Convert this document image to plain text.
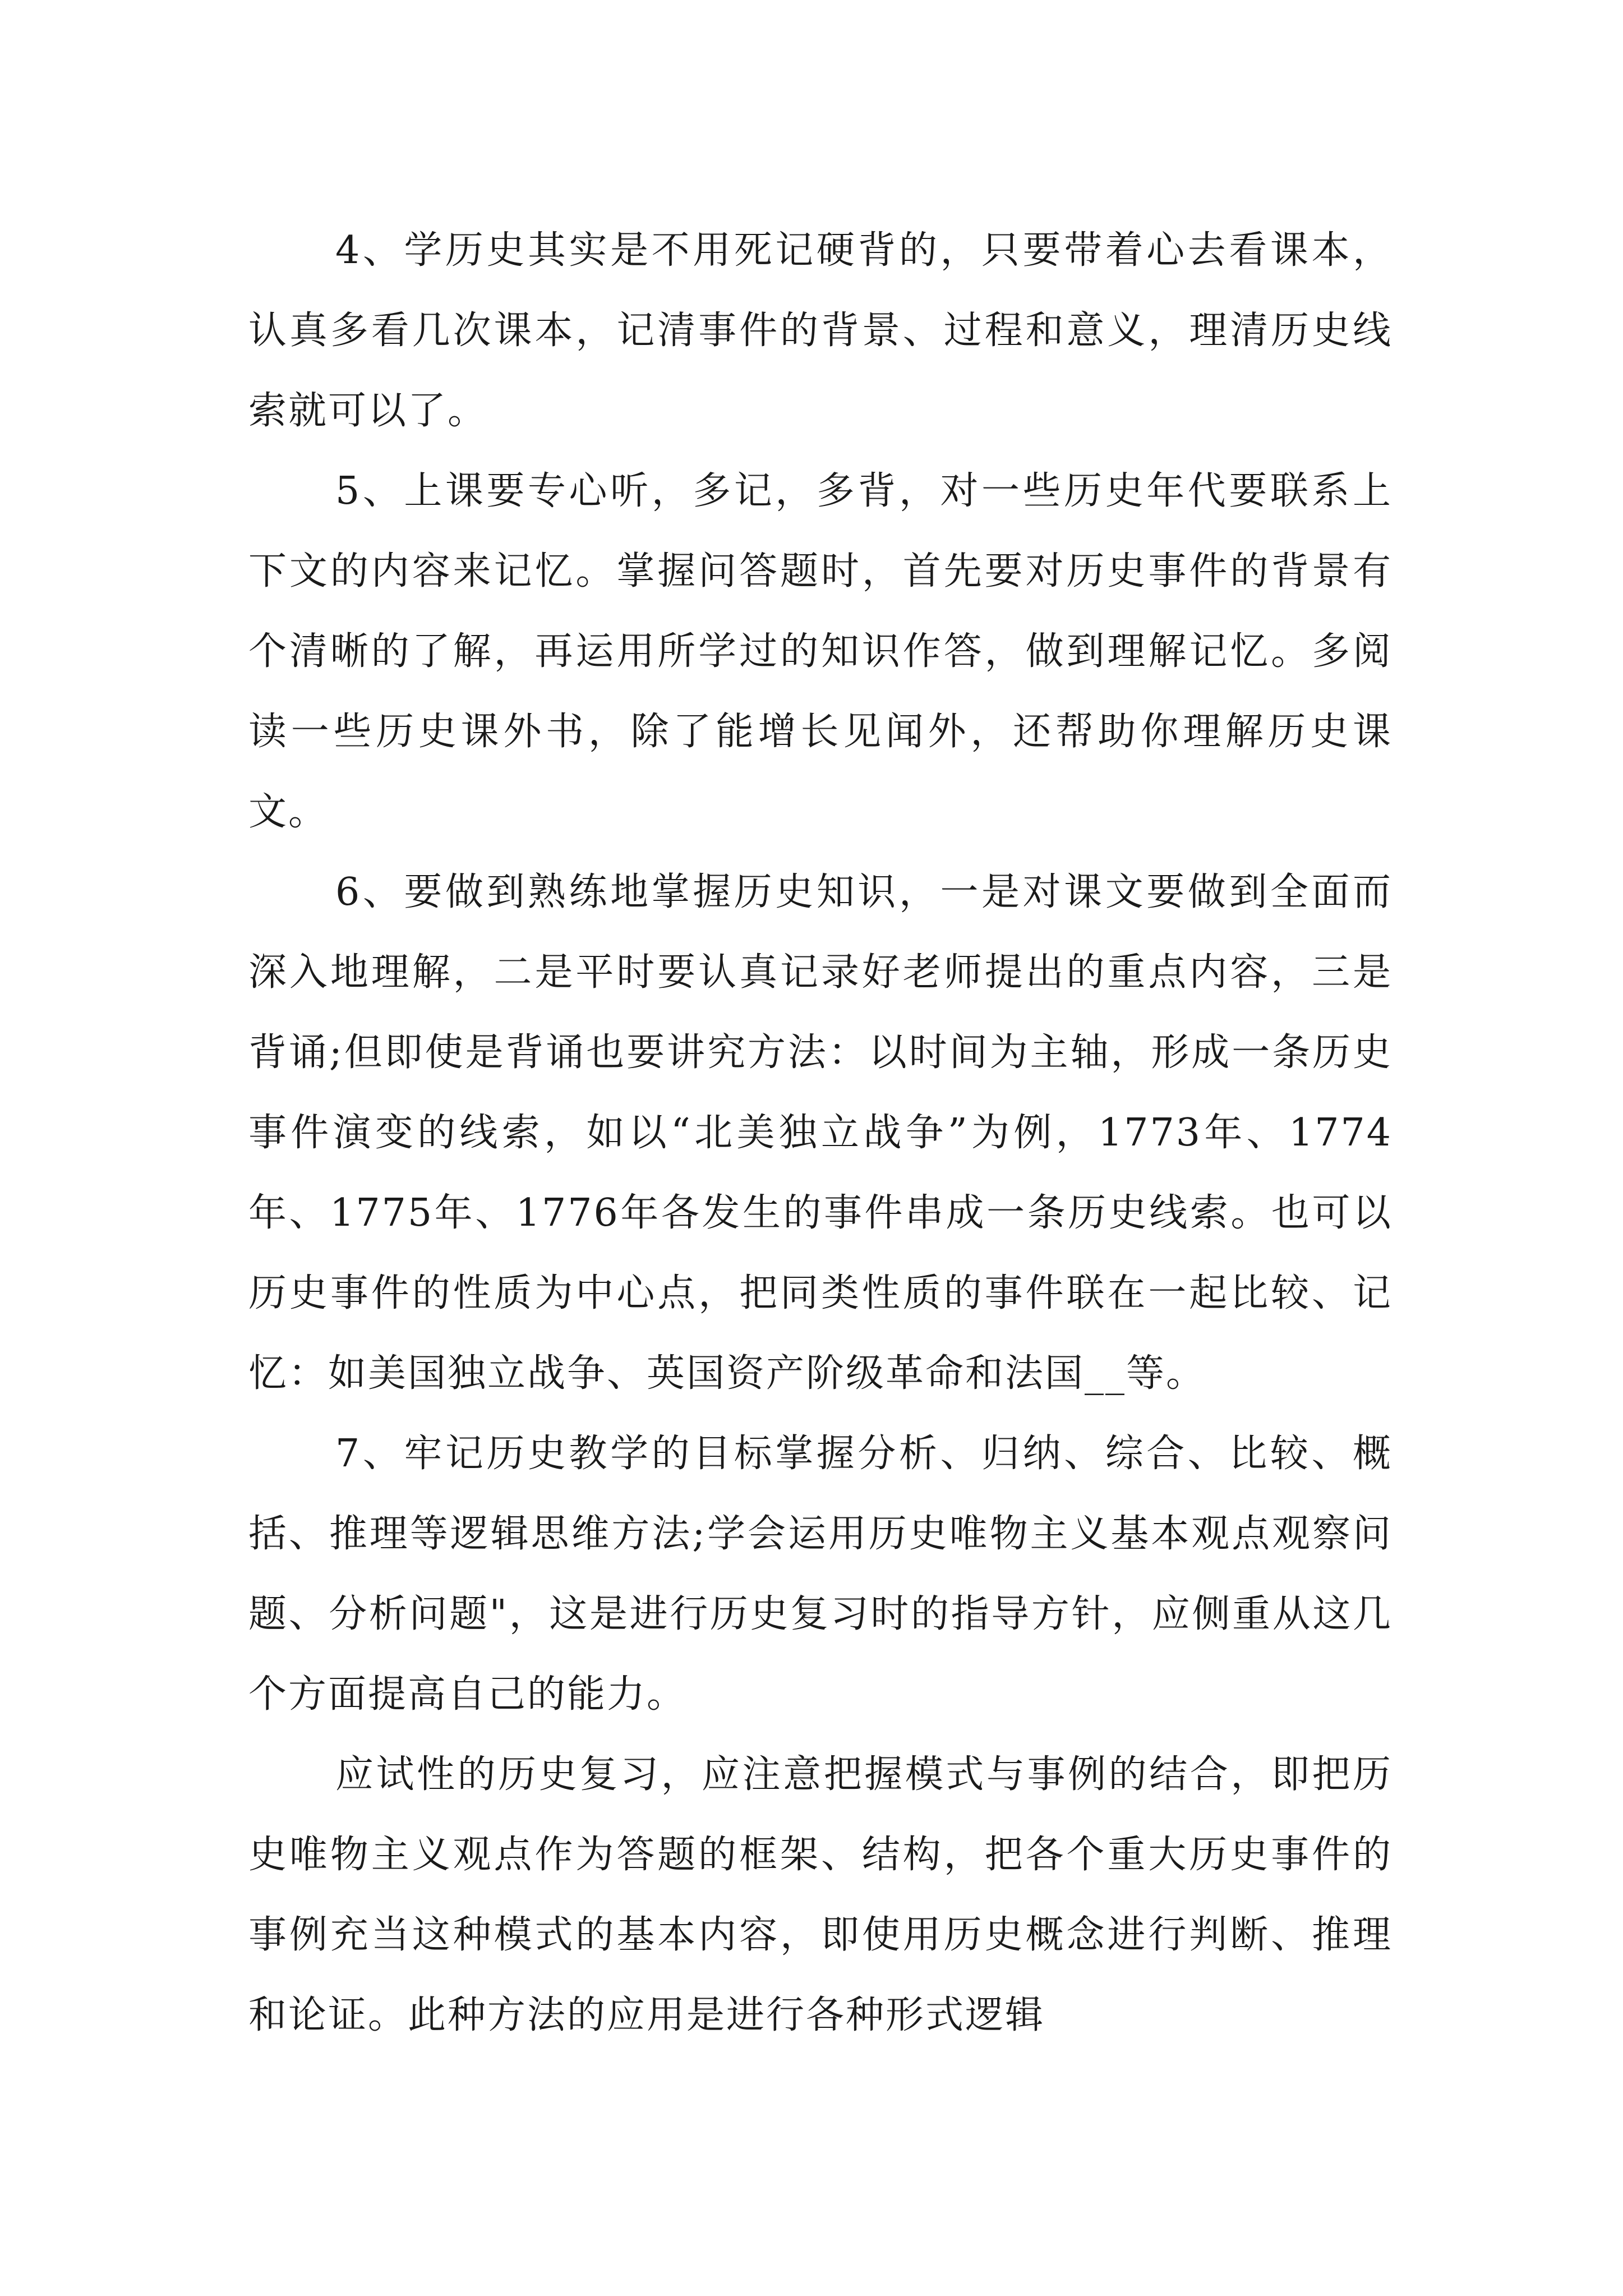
4、学历史其实是不用死记硬背的，只要带着心去看课本，认真多看几次课本，记清事件的背景、过程和意义，理清历史线索就可以了。

5、上课要专心听，多记，多背，对一些历史年代要联系上下文的内容来记忆。掌握问答题时，首先要对历史事件的背景有个清晰的了解，再运用所学过的知识作答，做到理解记忆。多阅读一些历史课外书，除了能增长见闻外，还帮助你理解历史课文。

6、要做到熟练地掌握历史知识，一是对课文要做到全面而深入地理解，二是平时要认真记录好老师提出的重点内容，三是背诵;但即使是背诵也要讲究方法：以时间为主轴，形成一条历史事件演变的线索，如以“北美独立战争”为例，1773年、1774年、1775年、1776年各发生的事件串成一条历史线索。也可以历史事件的性质为中心点，把同类性质的事件联在一起比较、记忆：如美国独立战争、英国资产阶级革命和法国__等。

7、牢记历史教学的目标掌握分析、归纳、综合、比较、概括、推理等逻辑思维方法;学会运用历史唯物主义基本观点观察问题、分析问题"，这是进行历史复习时的指导方针，应侧重从这几个方面提高自己的能力。

应试性的历史复习，应注意把握模式与事例的结合，即把历史唯物主义观点作为答题的框架、结构，把各个重大历史事件的事例充当这种模式的基本内容，即使用历史概念进行判断、推理和论证。此种方法的应用是进行各种形式逻辑
